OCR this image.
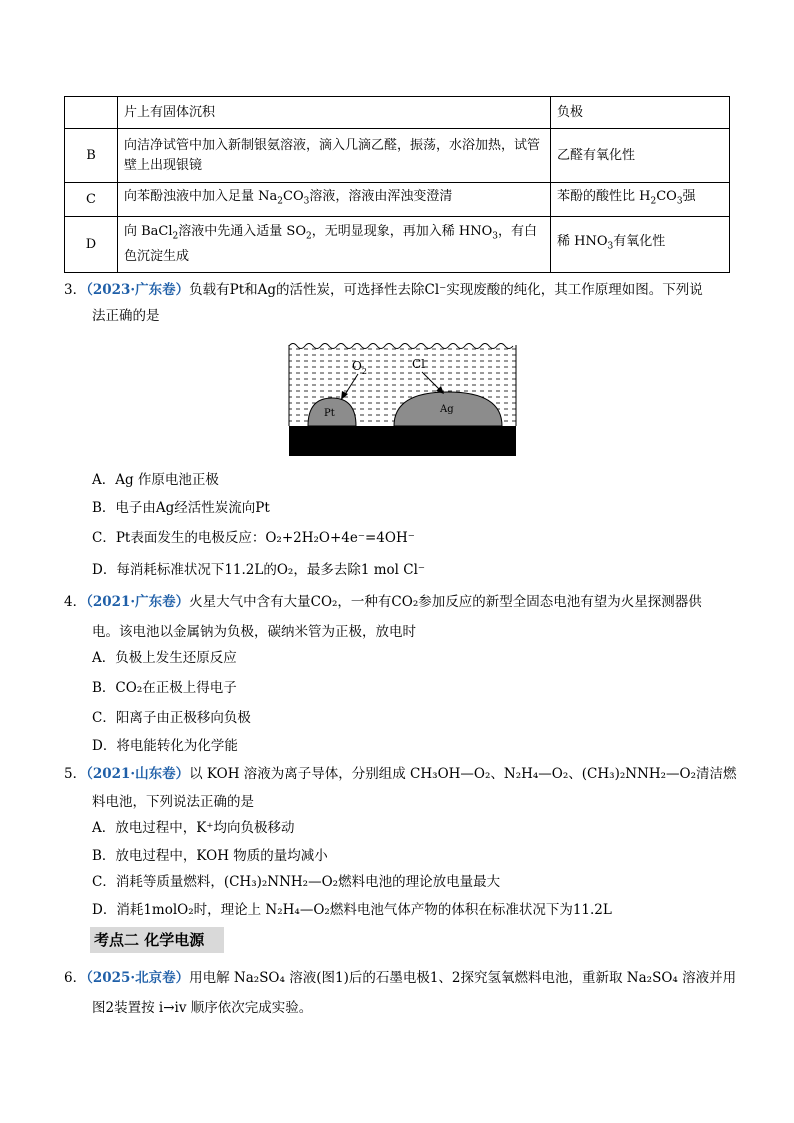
	片上有固体沉积	负极
B	向洁净试管中加入新制银氨溶液，滴入几滴乙醛，振荡，水浴加热，试管壁上出现银镜	乙醛有氧化性
C	向苯酚浊液中加入足量 $Na_2CO_3$溶液，溶液由浑浊变澄清	苯酚的酸性比 $H_2CO_3$强
D	向 BaCl$_2$溶液中先通入适量 $SO_2$，无明显现象，再加入稀 $HNO_3$，有白色沉淀生成	稀 $HNO_3$有氧化性
3．（2023·广东卷）负载有Pt和Ag的活性炭，可选择性去除Cl⁻实现废酸的纯化，其工作原理如图。下列说
法正确的是
Pt	Ag
$O_2$
Cl-
A．Ag 作原电池正极
B．电子由Ag经活性炭流向Pt
C．Pt表面发生的电极反应：O₂+2H₂O+4e⁻=4OH⁻
D．每消耗标准状况下11.2L的O₂，最多去除1 mol Cl⁻
4．（2021·广东卷）火星大气中含有大量CO₂，一种有CO₂参加反应的新型全固态电池有望为火星探测器供
电。该电池以金属钠为负极，碳纳米管为正极，放电时
A．负极上发生还原反应
B．CO₂在正极上得电子
C．阳离子由正极移向负极
D．将电能转化为化学能
5．（2021·山东卷）以 KOH 溶液为离子导体，分别组成 CH₃OH—O₂、N₂H₄—O₂、(CH₃)₂NNH₂—O₂清洁燃
料电池，下列说法正确的是
A．放电过程中，K⁺均向负极移动
B．放电过程中，KOH 物质的量均减小
C．消耗等质量燃料，(CH₃)₂NNH₂—O₂燃料电池的理论放电量最大
D．消耗1molO₂时，理论上 N₂H₄—O₂燃料电池气体产物的体积在标准状况下为11.2L
考点二 化学电源
6．（2025·北京卷）用电解 Na₂SO₄ 溶液(图1)后的石墨电极1、2探究氢氧燃料电池，重新取 Na₂SO₄ 溶液并用
图2装置按 i→iv 顺序依次完成实验。
